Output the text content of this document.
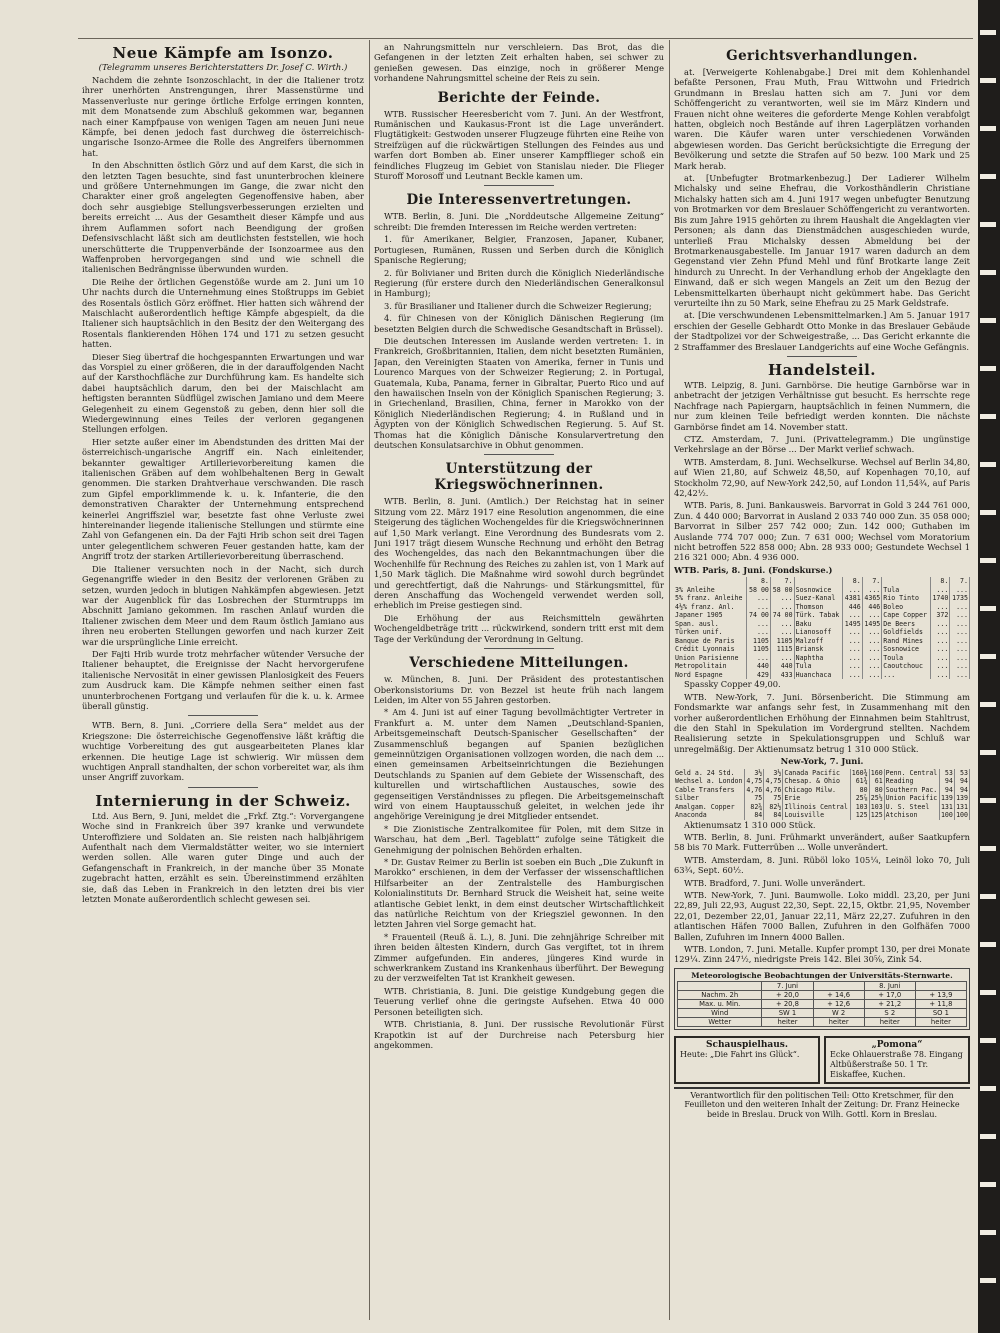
Neue Kämpfe am Isonzo.
(Telegramm unseres Berichterstatters Dr. Josef C. Wirth.)

Nachdem die zehnte Isonzoschlacht, in der die Italiener trotz ihrer unerhörten Anstrengungen, ihrer Massenstürme und Massenverluste nur geringe örtliche Erfolge erringen konnten, mit dem Monatsende zum Abschluß gekommen war, begannen nach einer Kampfpause von wenigen Tagen am neuen Juni neue Kämpfe, bei denen jedoch fast durchweg die österreichisch-ungarische Isonzo-Armee die Rolle des Angreifers übernommen hat.

In den Abschnitten östlich Görz und auf dem Karst, die sich in den letzten Tagen besuchte, sind fast ununterbrochen kleinere und größere Unternehmungen im Gange, die zwar nicht den Charakter einer groß angelegten Gegenoffensive haben, aber doch sehr ausgiebige Stellungsverbesserungen erzielten und bereits erreicht ... Aus der Gesamtheit dieser Kämpfe und aus ihrem Auflammen sofort nach Beendigung der großen Defensivschlacht läßt sich am deutlichsten feststellen, wie hoch unerschütterte die Truppenverbände der Isonzoarmee aus den Waffenproben hervorgegangen sind und wie schnell die italienischen Bedrängnisse überwunden wurden.

Die Reihe der örtlichen Gegenstöße wurde am 2. Juni um 10 Uhr nachts durch die Unternehmung eines Stoßtrupps im Gebiet des Rosentals östlich Görz eröffnet. Hier hatten sich während der Maischlacht außerordentlich heftige Kämpfe abgespielt, da die Italiener sich hauptsächlich in den Besitz der den Weitergang des Rosentals flankierenden Höhen 174 und 171 zu setzen gesucht hatten.

Dieser Sieg übertraf die hochgespannten Erwartungen und war das Vorspiel zu einer größeren, die in der darauffolgenden Nacht auf der Karsthochfläche zur Durchführung kam. Es handelte sich dabei hauptsächlich darum, den bei der Maischlacht am heftigsten berannten Südflügel zwischen Jamiano und dem Meere Gelegenheit zu einem Gegenstoß zu geben, denn hier soll die Wiedergewinnung eines Teiles der verloren gegangenen Stellungen erfolgen.

Hier setzte außer einer im Abendstunden des dritten Mai der österreichisch-ungarische Angriff ein. Nach einleitender, bekannter gewaltiger Artillerievorbereitung kamen die italienischen Gräben auf dem wohlbehaltenen Berg in Gewalt genommen. Die starken Drahtverhaue verschwanden. Die rasch zum Gipfel emporklimmende k. u. k. Infanterie, die den demonstrativen Charakter der Unternehmung entsprechend keinerlei Angriffsziel war, besetzte fast ohne Verluste zwei hintereinander liegende italienische Stellungen und stürmte eine Zahl von Gefangenen ein. Da der Fajti Hrib schon seit drei Tagen unter gelegentlichem schweren Feuer gestanden hatte, kam der Angriff trotz der starken Artillerievorbereitung überraschend.

Die Italiener versuchten noch in der Nacht, sich durch Gegenangriffe wieder in den Besitz der verlorenen Gräben zu setzen, wurden jedoch in blutigen Nahkämpfen abgewiesen. Jetzt war der Augenblick für das Losbrechen der Sturmtrupps im Abschnitt Jamiano gekommen. Im raschen Anlauf wurden die Italiener zwischen dem Meer und dem Raum östlich Jamiano aus ihren neu eroberten Stellungen geworfen und nach kurzer Zeit war die ursprüngliche Linie erreicht.

Der Fajti Hrib wurde trotz mehrfacher wütender Versuche der Italiener behauptet, die Ereignisse der Nacht hervorgerufene italienische Nervosität in einer gewissen Planlosigkeit des Feuers zum Ausdruck kam. Die Kämpfe nehmen seither einen fast ununterbrochenen Fortgang und verlaufen für die k. u. k. Armee überall günstig.

WTB. Bern, 8. Juni. „Corriere della Sera“ meldet aus der Kriegszone: Die österreichische Gegenoffensive läßt kräftig die wuchtige Vorbereitung des gut ausgearbeiteten Planes klar erkennen. Die heutige Lage ist schwierig. Wir müssen dem wuchtigen Anprall standhalten, der schon vorbereitet war, als ihm unser Angriff zuvorkam.

Internierung in der Schweiz.

Ltd. Aus Bern, 9. Juni, meldet die „Frkf. Ztg.“: Vorvergangene Woche sind in Frankreich über 397 kranke und verwundete Unteroffiziere und Soldaten an. Sie reisten nach halbjährigem Aufenthalt nach dem Viermaldstätter weiter, wo sie interniert werden sollen. Alle waren guter Dinge und auch der Gefangenschaft in Frankreich, in der manche über 35 Monate zugebracht hatten, erzählt es sein. Übereinstimmend erzählten sie, daß das Leben in Frankreich in den letzten drei bis vier letzten Monate außerordentlich schlecht gewesen sei.

an Nahrungsmitteln nur verschleiern. Das Brot, das die Gefangenen in der letzten Zeit erhalten haben, sei schwer zu genießen gewesen. Das einzige, noch in größerer Menge vorhandene Nahrungsmittel scheine der Reis zu sein.

Berichte der Feinde.

WTB. Russischer Heeresbericht vom 7. Juni. An der Westfront, Rumänischen und Kaukasus-Front ist die Lage unverändert. Flugtätigkeit: Gestwoden unserer Flugzeuge führten eine Reihe von Streifzügen auf die rückwärtigen Stellungen des Feindes aus und warfen dort Bomben ab. Einer unserer Kampfflieger schoß ein feindliches Flugzeug im Gebiet von Stanislau nieder. Die Flieger Sturoff Morosoff und Leutnant Beckle kamen um.

Die Interessenvertretungen.

WTB. Berlin, 8. Juni. Die „Norddeutsche Allgemeine Zeitung“ schreibt: Die fremden Interessen im Reiche werden vertreten:

1. für Amerikaner, Belgier, Franzosen, Japaner, Kubaner, Portugiesen, Rumänen, Russen und Serben durch die Königlich Spanische Regierung;

2. für Bolivianer und Briten durch die Königlich Niederländische Regierung (für erstere durch den Niederländischen Generalkonsul in Hamburg);

3. für Brasilianer und Italiener durch die Schweizer Regierung;

4. für Chinesen von der Königlich Dänischen Regierung (im besetzten Belgien durch die Schwedische Gesandtschaft in Brüssel).

Die deutschen Interessen im Auslande werden vertreten: 1. in Frankreich, Großbritannien, Italien, dem nicht besetzten Rumänien, Japan, den Vereinigten Staaten von Amerika, ferner in Tunis und Lourenco Marques von der Schweizer Regierung; 2. in Portugal, Guatemala, Kuba, Panama, ferner in Gibraltar, Puerto Rico und auf den hawaiischen Inseln von der Königlich Spanischen Regierung; 3. in Griechenland, Brasilien, China, ferner in Marokko von der Königlich Niederländischen Regierung; 4. in Rußland und in Ägypten von der Königlich Schwedischen Regierung. 5. Auf St. Thomas hat die Königlich Dänische Konsularvertretung den deutschen Konsulatsarchive in Obhut genommen.

Unterstützung der Kriegswöchnerinnen.

WTB. Berlin, 8. Juni. (Amtlich.) Der Reichstag hat in seiner Sitzung vom 22. März 1917 eine Resolution angenommen, die eine Steigerung des täglichen Wochengeldes für die Kriegswöchnerinnen auf 1,50 Mark verlangt. Eine Verordnung des Bundesrats vom 2. Juni 1917 trägt diesem Wunsche Rechnung und erhöht den Betrag des Wochengeldes, das nach den Bekanntmachungen über die Wochenhilfe für Rechnung des Reiches zu zahlen ist, von 1 Mark auf 1,50 Mark täglich. Die Maßnahme wird sowohl durch begründet und gerechtfertigt, daß die Nahrungs- und Stärkungsmittel, für deren Anschaffung das Wochengeld verwendet werden soll, erheblich im Preise gestiegen sind.

Die Erhöhung der aus Reichsmitteln gewährten Wochengeldbeträge tritt ... rückwirkend, sondern tritt erst mit dem Tage der Verkündung der Verordnung in Geltung.

Verschiedene Mitteilungen.

w. München, 8. Juni. Der Präsident des protestantischen Oberkonsistoriums Dr. von Bezzel ist heute früh nach langem Leiden, im Alter von 55 Jahren gestorben.

* Am 4. Juni ist auf einer Tagung bevollmächtigter Vertreter in Frankfurt a. M. unter dem Namen „Deutschland-Spanien, Arbeitsgemeinschaft Deutsch-Spanischer Gesellschaften“ der Zusammenschluß begangen auf Spanien bezüglichen gemeinnützigen Organisationen vollzogen worden, die nach dem ... einen gemeinsamen Arbeitseinrichtungen die Beziehungen Deutschlands zu Spanien auf dem Gebiete der Wissenschaft, des kulturellen und wirtschaftlichen Austausches, sowie des gegenseitigen Verständnisses zu pflegen. Die Arbeitsgemeinschaft wird von einem Hauptausschuß geleitet, in welchen jede ihr angehörige Vereinigung je drei Mitglieder entsendet.

* Die Zionistische Zentralkomitee für Polen, mit dem Sitze in Warschau, hat dem „Berl. Tageblatt“ zufolge seine Tätigkeit die Genehmigung der polnischen Behörden erhalten.

* Dr. Gustav Reimer zu Berlin ist soeben ein Buch „Die Zukunft in Marokko“ erschienen, in dem der Verfasser der wissenschaftlichen Hilfsarbeiter an der Zentralstelle des Hamburgischen Kolonialinstituts Dr. Bernhard Struck die Weisheit hat, seine weite atlantische Gebiet lenkt, in dem einst deutscher Wirtschaftlichkeit das natürliche Reichtum von der Kriegsziel gewonnen. In den letzten Jahren viel Sorge gemacht hat.

* Frauenteil (Reuß ä. L.), 8. Juni. Die zehnjährige Schreiber mit ihren beiden ältesten Kindern, durch Gas vergiftet, tot in ihrem Zimmer aufgefunden. Ein anderes, jüngeres Kind wurde in schwerkrankem Zustand ins Krankenhaus überführt. Der Bewegung zu der verzweifelten Tat ist Krankheit gewesen.

WTB. Christiania, 8. Juni. Die geistige Kundgebung gegen die Teuerung verlief ohne die geringste Aufsehen. Etwa 40 000 Personen beteiligten sich.

WTB. Christiania, 8. Juni. Der russische Revolutionär Fürst Krapotkin ist auf der Durchreise nach Petersburg hier angekommen.

Gerichtsverhandlungen.

at. [Verweigerte Kohlenabgabe.] Drei mit dem Kohlenhandel befaßte Personen, Frau Muth, Frau Wittwohn und Friedrich Grundmann in Breslau hatten sich am 7. Juni vor dem Schöffengericht zu verantworten, weil sie im März Kindern und Frauen nicht ohne weiteres die geforderte Menge Kohlen verabfolgt hatten, obgleich noch Bestände auf ihren Lagerplätzen vorhanden waren. Die Käufer waren unter verschiedenen Vorwänden abgewiesen worden. Das Gericht berücksichtigte die Erregung der Bevölkerung und setzte die Strafen auf 50 bezw. 100 Mark und 25 Mark herab.

at. [Unbefugter Brotmarkenbezug.] Der Ladierer Wilhelm Michalsky und seine Ehefrau, die Vorkosthändlerin Christiane Michalsky hatten sich am 4. Juni 1917 wegen unbefugter Benutzung von Brotmarken vor dem Breslauer Schöffengericht zu verantworten. Bis zum Jahre 1915 gehörten zu ihrem Haushalt die Angeklagten vier Personen; als dann das Dienstmädchen ausgeschieden wurde, unterließ Frau Michalsky dessen Abmeldung bei der Brotmarkenausgabestelle. Im Januar 1917 waren dadurch an dem Gegenstand vier Zehn Pfund Mehl und fünf Brotkarte lange Zeit hindurch zu Unrecht. In der Verhandlung erhob der Angeklagte den Einwand, daß er sich wegen Mangels an Zeit um den Bezug der Lebensmittelkarten überhaupt nicht gekümmert habe. Das Gericht verurteilte ihn zu 50 Mark, seine Ehefrau zu 25 Mark Geldstrafe.

at. [Die verschwundenen Lebensmittelmarken.] Am 5. Januar 1917 erschien der Geselle Gebhardt Otto Monke in das Breslauer Gebäude der Stadtpolizei vor der Schweigestraße, ... Das Gericht erkannte die 2 Straffammer des Breslauer Landgerichts auf eine Woche Gefängnis.

Handelsteil.

WTB. Leipzig, 8. Juni. Garnbörse. Die heutige Garnbörse war in anbetracht der jetzigen Verhältnisse gut besucht. Es herrschte rege Nachfrage nach Papiergarn, hauptsächlich in feinen Nummern, die nur zum kleinen Teile befriedigt werden konnten. Die nächste Garnbörse findet am 14. November statt.

CTZ. Amsterdam, 7. Juni. (Privattelegramm.) Die ungünstige Verkehrslage an der Börse ... Der Markt verlief schwach.

WTB. Amsterdam, 8. Juni. Wechselkurse. Wechsel auf Berlin 34,80, auf Wien 21,80, auf Schweiz 48,50, auf Kopenhagen 70,10, auf Stockholm 72,90, auf New-York 242,50, auf London 11,54¾, auf Paris 42,42½.

WTB. Paris, 8. Juni. Bankausweis. Barvorrat in Gold 3 244 761 000, Zun. 4 440 000; Barvorrat in Ausland 2 033 740 000 Zun. 35 058 000; Barvorrat in Silber 257 742 000; Zun. 142 000; Guthaben im Auslande 774 707 000; Zun. 7 631 000; Wechsel vom Moratorium nicht betroffen 522 858 000; Abn. 28 933 000; Gestundete Wechsel 1 216 321 000; Abn. 4 936 000.

WTB. Paris, 8. Juni. (Fondskurse.)

	8.	7.		8.	7.		8.	7.
3% Anleihe	58 00	58 00	Sosnowice	...	...	Tula	...	...
5% franz. Anleihe	...	...	Suez-Kanal	4381	4365	Rio Tinto	1740	1735
4½% franz. Anl.	...	...	Thomson	446	446	Boleo	...	...
Japaner 1905	74 00	74 00	Türk. Tabak	...	...	Cape Copper	372	...
Span. ausl.	...	...	Baku	1495	1495	De Beers	...	...
Türken unif.	...	...	Lianosoff	...	...	Goldfields	...	...
Banque de Paris	1105	1105	Malzoff	...	...	Rand Mines	...	...
Crédit Lyonnais	1105	1115	Briansk	...	...	Sosnowice	...	...
Union Parisienne	...	...	Naphtha	...	...	Toula	...	...
Metropolitain	440	440	Tula	...	...	Caoutchouc	...	...
Nord Espagne	429	433	Huanchaca	...	...	...	...	...

Spassky Copper 49,00.

WTB. New-York, 7. Juni. Börsenbericht. Die Stimmung am Fondsmarkte war anfangs sehr fest, in Zusammenhang mit den vorher außerordentlichen Erhöhung der Einnahmen beim Stahltrust, die den Stahl in Spekulation im Vordergrund stellten. Nachdem Realisierung setzte in Spekulationsgruppen und Schluß war unregelmäßig. Der Aktienumsatz betrug 1 310 000 Stück.

New-York, 7. Juni.

Geld a. 24 Std.	3½	3½	Canada Pacific	160¾	160	Penn. Central	53	53
Wechsel a. London	4,75	4,75	Chesap. & Ohio	61¾	61	Reading	94	94
Cable Transfers	4,76	4,76	Chicago Milw.	80	80	Southern Pac.	94	94
Silber	75	75	Erie	25⅞	25½	Union Pacific	139	139
Amalgam. Copper	82¾	82½	Illinois Central	103	103	U. S. Steel	131	131
Anaconda	84	84	Louisville	125	125	Atchison	100	100

Aktienumsatz 1 310 000 Stück.

WTB. Berlin, 8. Juni. Frühmarkt unverändert, außer Saatkupfern 58 bis 70 Mark. Futterrüben ... Wolle unverändert.

WTB. Amsterdam, 8. Juni. Rüböl loko 105¼, Leinöl loko 70, Juli 63¾, Sept. 60½.

WTB. Bradford, 7. Juni. Wolle unverändert.

WTB. New-York, 7. Juni. Baumwolle. Loko middl. 23,20, per Juni 22,89, Juli 22,93, August 22,30, Sept. 22,15, Oktbr. 21,95, November 22,01, Dezember 22,01, Januar 22,11, März 22,27. Zufuhren in den atlantischen Häfen 7000 Ballen, Zufuhren in den Golfhäfen 7000 Ballen, Zufuhren im Innern 4000 Ballen.

WTB. London, 7. Juni. Metalle. Kupfer prompt 130, per drei Monate 129¼. Zinn 247½, niedrigste Preis 142. Blei 30⅝, Zink 54.

Meteorologische Beobachtungen der Universitäts-Sternwarte.
	7. Juni		8. Juni	
Nachm. 2h	+ 20,0	+ 14,6	+ 17,0	+ 13,9
Max. u. Min.	+ 20,8	+ 12,6	+ 21,2	+ 11,8
Wind	SW 1	W 2	S 2	SO 1
Wetter	heiter	heiter	heiter	heiter
Schauspielhaus.
Heute: „Die Fahrt ins Glück“.
„Pomona“
Ecke Ohlauerstraße 78. Eingang Altbüßerstraße 50. 1 Tr. Eiskaffee, Kuchen.
Verantwortlich für den politischen Teil: Otto Kretschmer, für den Feuilleton und den weiteren Inhalt der Zeitung: Dr. Franz Heinecke beide in Breslau. Druck von Wilh. Gottl. Korn in Breslau.
